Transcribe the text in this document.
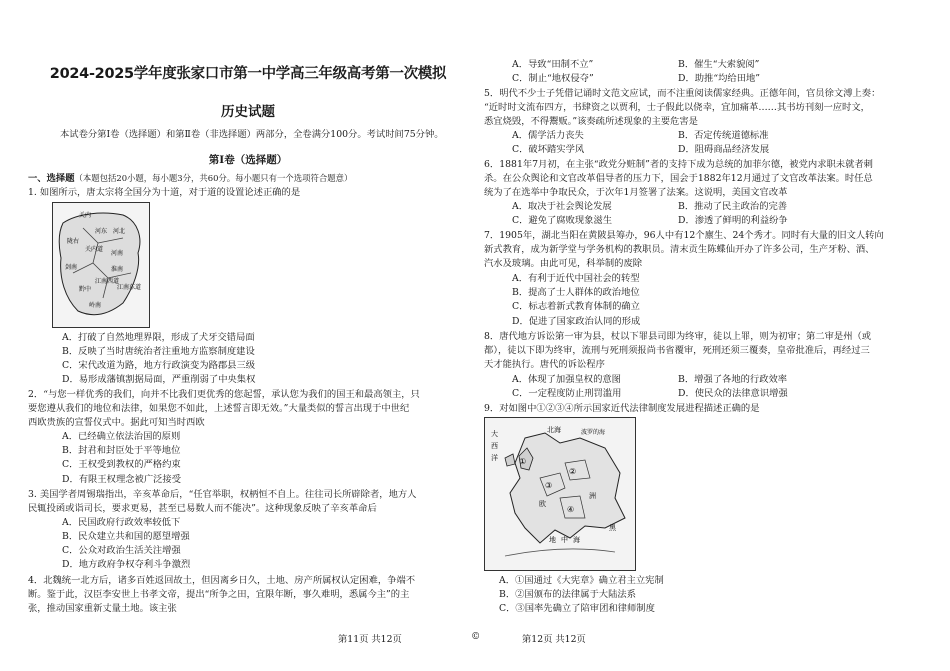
2024-2025学年度张家口市第一中学高三年级高考第一次模拟
历史试题
本试卷分第Ⅰ卷（选择题）和第Ⅱ卷（非选择题）两部分，全卷满分100分。考试时间75分钟。
第Ⅰ卷（选择题）
一、选择题（本题包括20小题，每小题3分，共60分。每小题只有一个选项符合题意）
1. 如图所示，唐太宗将全国分为十道，对于道的设置论述正确的是
关内
河北
河东
陇右
关内道
河南
剑南	淮南
江南西道
江南东道
黔中
岭南
A．打破了自然地理界限，形成了犬牙交错局面
B．反映了当时唐统治者注重地方监察制度建设
C．宋代改道为路，地方行政演变为路郡县三级
D．易形成藩镇割据局面，严重削弱了中央集权
2．“与您一样优秀的我们，向并不比我们更优秀的您起誓，承认您为我们的国王和最高领主，只
要您遵从我们的地位和法律，如果您不如此，上述誓言即无效。”大量类似的誓言出现于中世纪
西欧贵族的宣誓仪式中。据此可知当时西欧
A．已经确立依法治国的原则
B．封君和封臣处于平等地位
C．王权受到教权的严格约束
D．有限王权理念被广泛接受
3. 美国学者周锡瑞指出，辛亥革命后，“任官举职，权柄恒不自上。往往司长所辟除者，地方人
民辄投函或诣司长，要求更易，甚至已易数人而不能决”。这种现象反映了辛亥革命后
A．民国政府行政效率较低下
B．民众建立共和国的愿望增强
C．公众对政治生活关注增强
D．地方政府争权夺利斗争激烈
4．北魏统一北方后，诸多百姓返回故土，但因离乡日久，土地、房产所属权认定困难，争端不
断。鉴于此，汉臣李安世上书孝文帝，提出“所争之田，宜限年断，事久难明，悉属今主”的主
张，推动国家重新丈量土地。该主张
A．导致“田制不立”	B．催生“大索貌阅”
C．制止“地权侵夺”	D．助推“均给田地”
5．明代不少士子凭借记诵时文范文应试，而不注重阅读儒家经典。正德年间，官员徐文溥上奏：
“近时时文流布四方，书肆资之以贾利，士子假此以侥幸，宜加痛革……其书坊刊刻一应时文，
悉宜烧毁，不得鬻贩。”该奏疏所述现象的主要危害是
A．儒学活力丧失	B．否定传统道德标准
C．破坏踏实学风	D．阻碍商品经济发展
6．1881年7月初，在主张“政党分赃制”者的支持下成为总统的加菲尔德，被党内求职未就者刺
杀。在公众舆论和文官改革倡导者的压力下，国会于1882年12月通过了文官改革法案。时任总
统为了在选举中争取民众，于次年1月签署了法案。这说明，美国文官改革
A．取决于社会舆论发展	B．推动了民主政治的完善
C．避免了腐败现象滋生	D．渗透了鲜明的利益纷争
7．1905年，湖北当阳在黄陂县筹办，96人中有12个廪生、24个秀才。同时有大量的旧文人转向
新式教育，成为新学堂与学务机构的教职员。清末贡生陈蝶仙开办了许多公司，生产牙粉、酒、
汽水及玻璃。由此可见，科举制的废除
A．有利于近代中国社会的转型
B．提高了士人群体的政治地位
C．标志着新式教育体制的确立
D．促进了国家政治认同的形成
8．唐代地方诉讼第一审为县，杖以下罪县司即为终审，徒以上罪，则为初审；第二审是州（或
都），徒以下即为终审，流刑与死刑须报尚书省覆审，死刑还须三覆奏，皇帝批准后，再经过三
天才能执行。唐代的诉讼程序
A．体现了加强皇权的意图	B．增强了各地的行政效率
C．一定程度防止刑罚滥用	D．使民众的法律意识增强
9．对如图中①②③④所示国家近代法律制度发展进程描述正确的是
大
西
洋
北海	波罗的海
①
②
③
④
欧
洲
地 中 海
黑
A．①国通过《大宪章》确立君主立宪制
B．②国颁布的法律属于大陆法系
C．③国率先确立了陪审团和律师制度
第11页 共12页	©	第12页 共12页
